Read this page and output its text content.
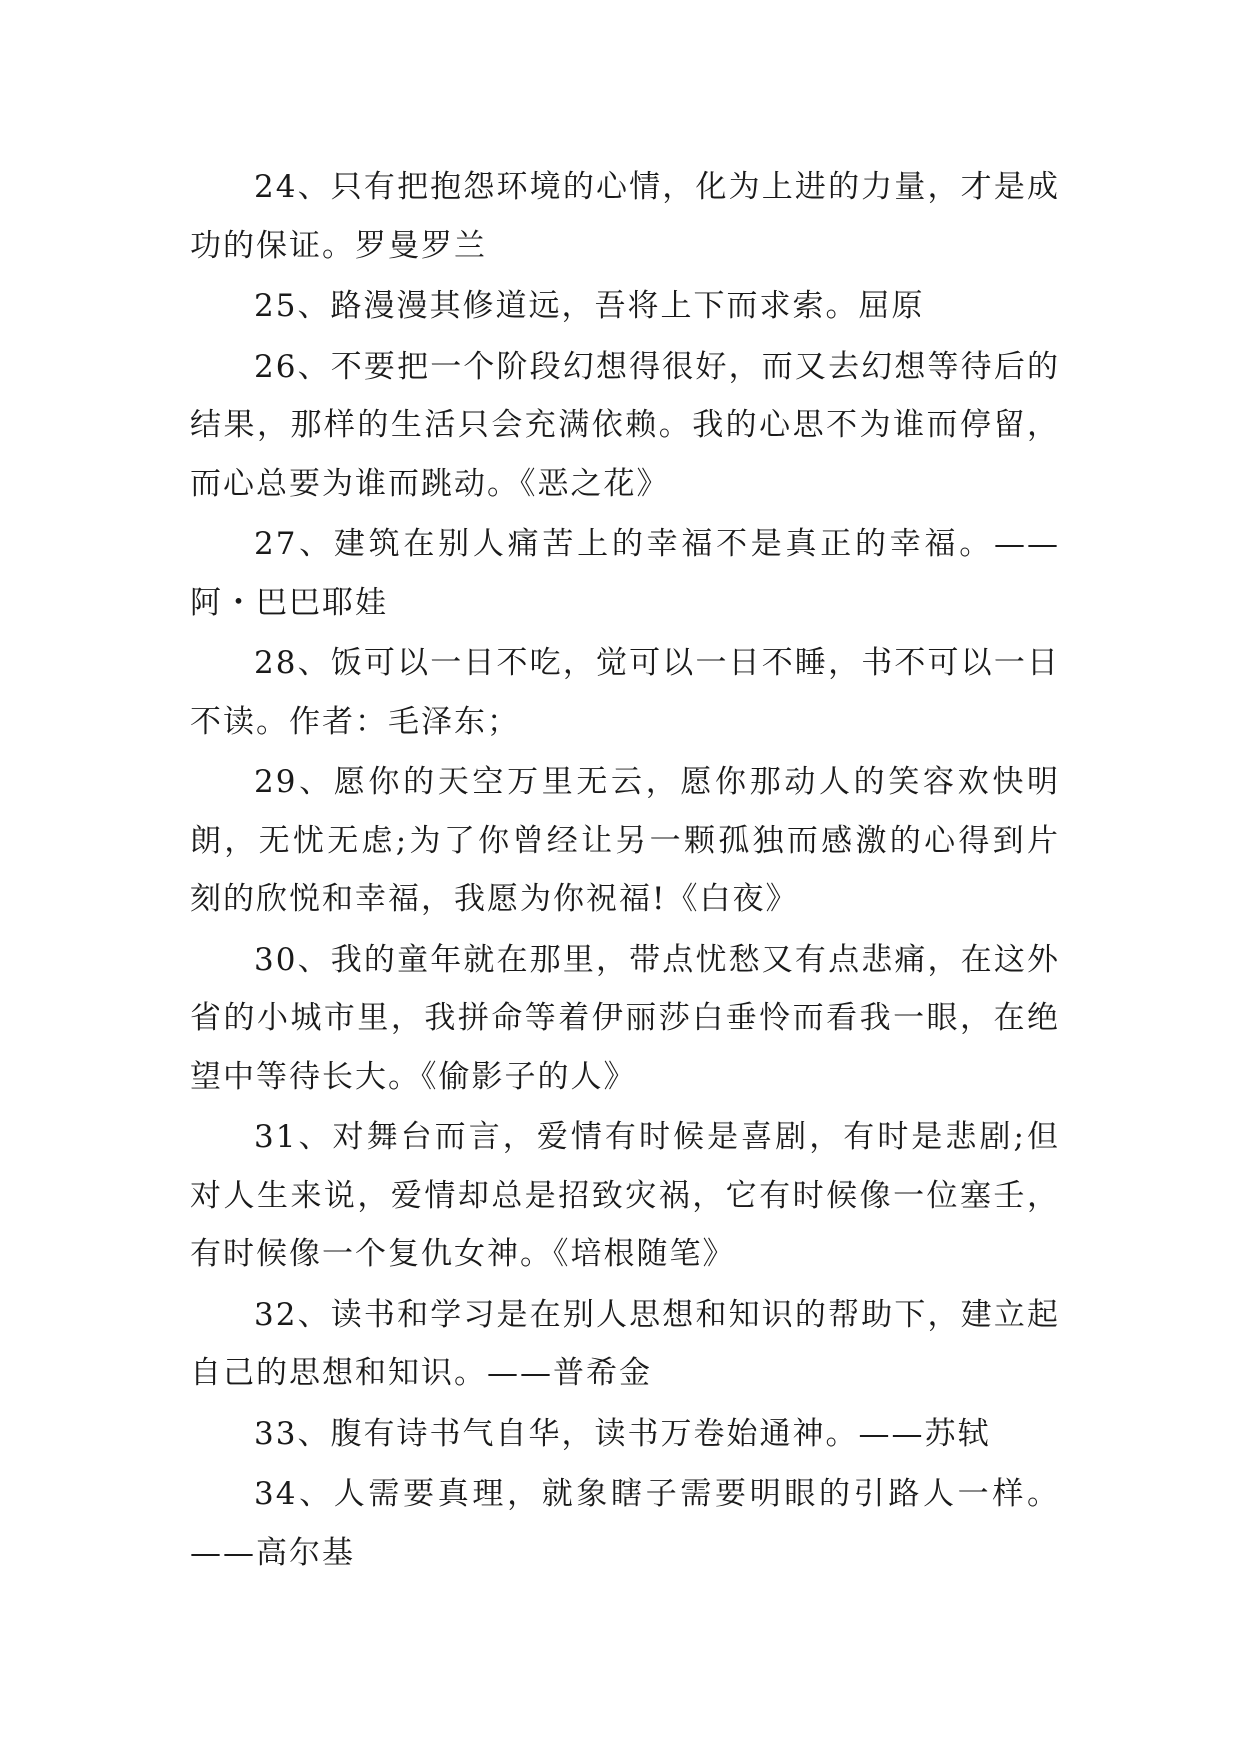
24、只有把抱怨环境的心情，化为上进的力量，才是成功的保证。罗曼罗兰

25、路漫漫其修道远，吾将上下而求索。屈原

26、不要把一个阶段幻想得很好，而又去幻想等待后的结果，那样的生活只会充满依赖。我的心思不为谁而停留，而心总要为谁而跳动。《恶之花》

27、建筑在别人痛苦上的幸福不是真正的幸福。——阿・巴巴耶娃

28、饭可以一日不吃，觉可以一日不睡，书不可以一日不读。作者：毛泽东；

29、愿你的天空万里无云，愿你那动人的笑容欢快明朗，无忧无虑;为了你曾经让另一颗孤独而感激的心得到片刻的欣悦和幸福，我愿为你祝福!《白夜》

30、我的童年就在那里，带点忧愁又有点悲痛，在这外省的小城市里，我拼命等着伊丽莎白垂怜而看我一眼，在绝望中等待长大。《偷影子的人》

31、对舞台而言，爱情有时候是喜剧，有时是悲剧;但对人生来说，爱情却总是招致灾祸，它有时候像一位塞壬，有时候像一个复仇女神。《培根随笔》

32、读书和学习是在别人思想和知识的帮助下，建立起自己的思想和知识。——普希金

33、腹有诗书气自华，读书万卷始通神。——苏轼

34、人需要真理，就象瞎子需要明眼的引路人一样。——高尔基
